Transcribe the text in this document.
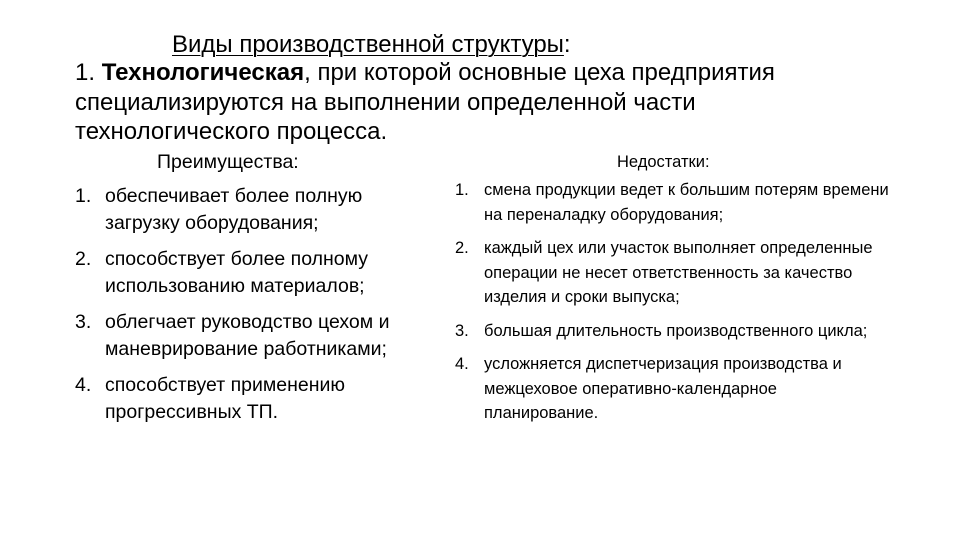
Виды производственной структуры:
1. Технологическая, при которой основные цеха предприятия специализируются на выполнении определенной части технологического процесса.
Преимущества:
1. обеспечивает более полную загрузку оборудования;
2. способствует более полному использованию материалов;
3. облегчает руководство цехом и маневрирование работниками;
4. способствует применению прогрессивных ТП.
Недостатки:
1. смена продукции ведет к большим потерям времени на переналадку оборудования;
2. каждый цех или участок выполняет определенные операции не несет ответственность за качество изделия и сроки выпуска;
3. большая длительность производственного цикла;
4. усложняется диспетчеризация производства и межцеховое оперативно-календарное планирование.
